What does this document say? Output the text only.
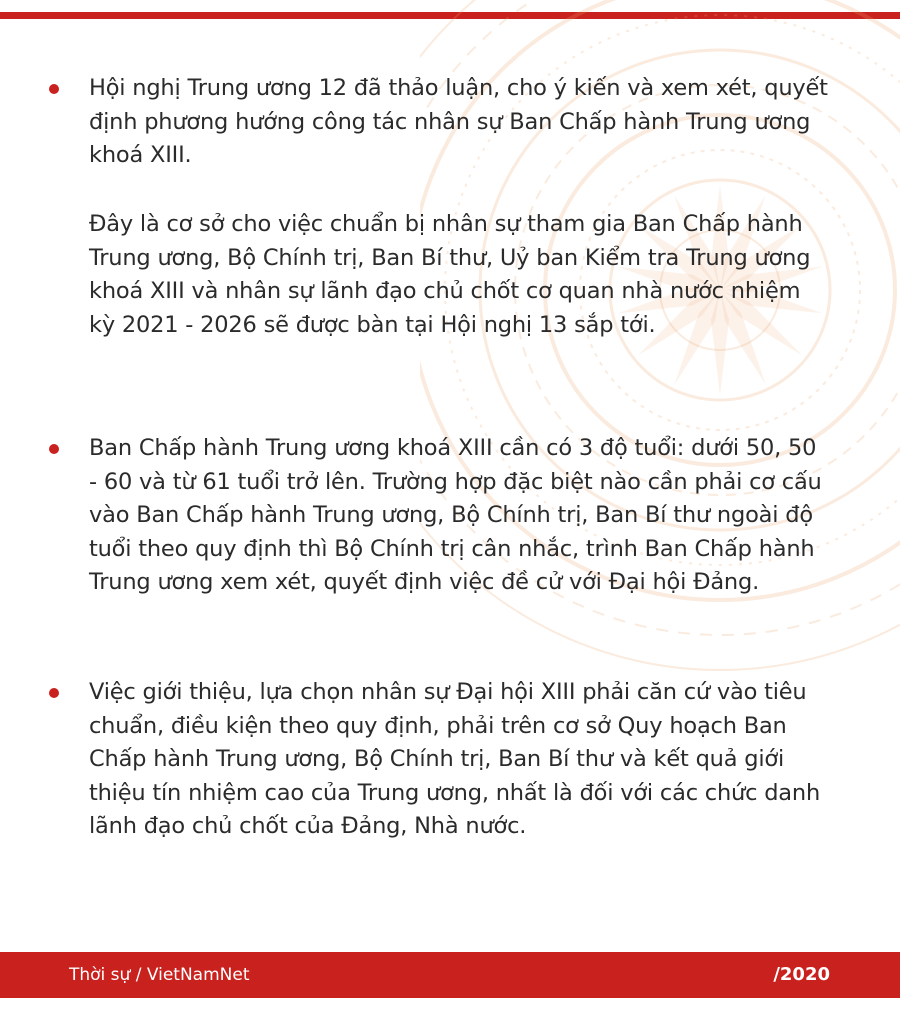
Hội nghị Trung ương 12 đã thảo luận, cho ý kiến và xem xét, quyết định phương hướng công tác nhân sự Ban Chấp hành Trung ương khoá XIII.

Đây là cơ sở cho việc chuẩn bị nhân sự tham gia Ban Chấp hành Trung ương, Bộ Chính trị, Ban Bí thư, Uỷ ban Kiểm tra Trung ương khoá XIII và nhân sự lãnh đạo chủ chốt cơ quan nhà nước nhiệm kỳ 2021 - 2026 sẽ được bàn tại Hội nghị 13 sắp tới.

Ban Chấp hành Trung ương khoá XIII cần có 3 độ tuổi: dưới 50, 50 - 60 và từ 61 tuổi trở lên. Trường hợp đặc biệt nào cần phải cơ cấu vào Ban Chấp hành Trung ương, Bộ Chính trị, Ban Bí thư ngoài độ tuổi theo quy định thì Bộ Chính trị cân nhắc, trình Ban Chấp hành Trung ương xem xét, quyết định việc đề cử với Đại hội Đảng.

Việc giới thiệu, lựa chọn nhân sự Đại hội XIII phải căn cứ vào tiêu chuẩn, điều kiện theo quy định, phải trên cơ sở Quy hoạch Ban Chấp hành Trung ương, Bộ Chính trị, Ban Bí thư và kết quả giới thiệu tín nhiệm cao của Trung ương, nhất là đối với các chức danh lãnh đạo chủ chốt của Đảng, Nhà nước.

Thời sự / VietNamNet	/2020
